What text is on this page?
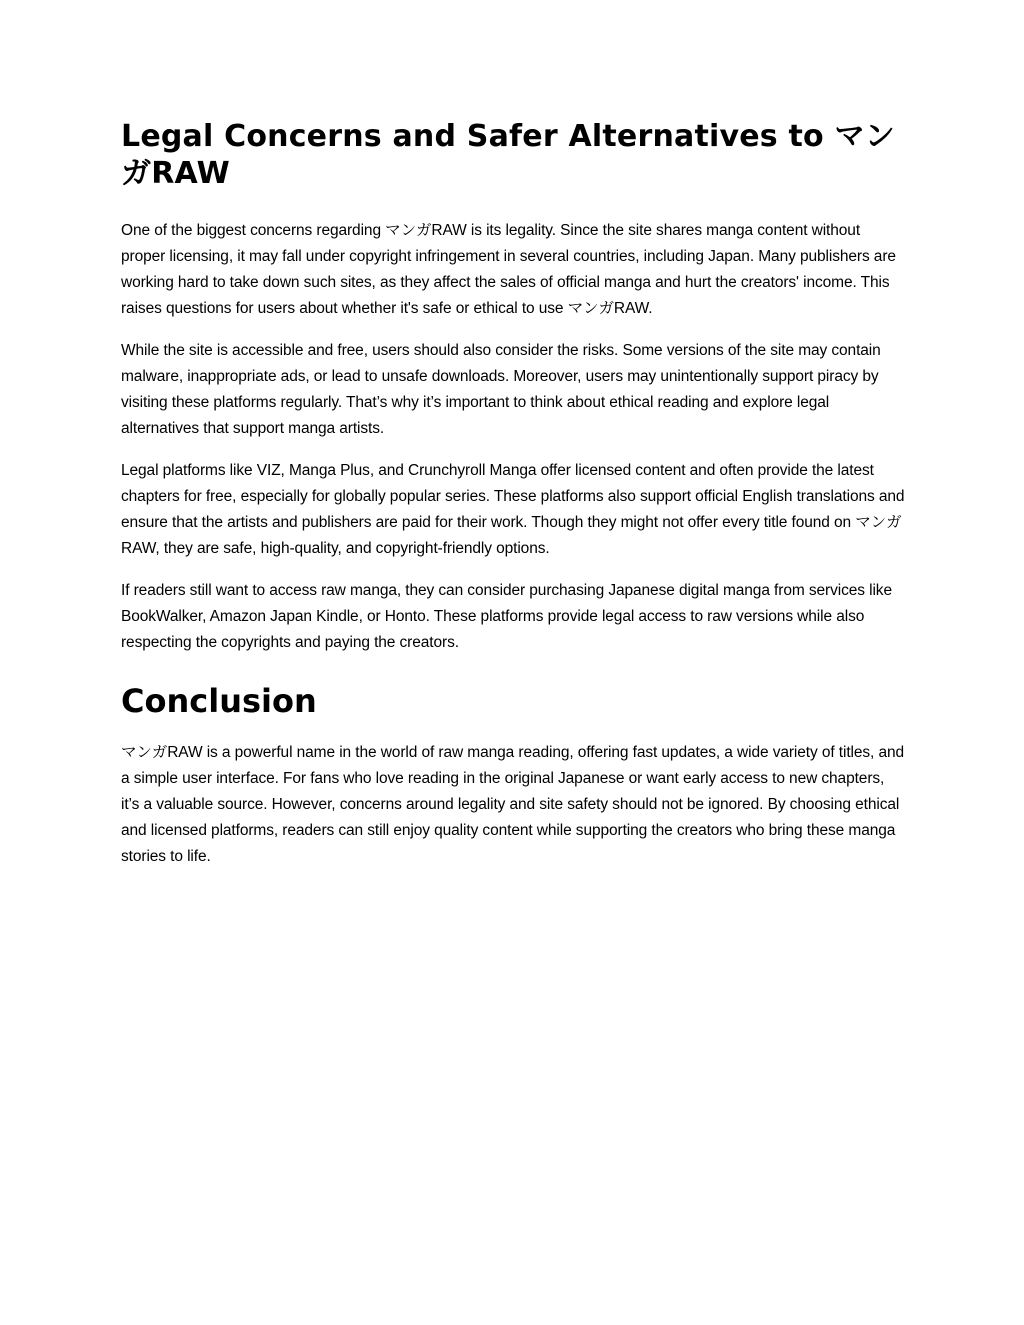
Legal Concerns and Safer Alternatives to マンガRAW

One of the biggest concerns regarding マンガRAW is its legality. Since the site shares manga content without proper licensing, it may fall under copyright infringement in several countries, including Japan. Many publishers are working hard to take down such sites, as they affect the sales of official manga and hurt the creators' income. This raises questions for users about whether it's safe or ethical to use マンガRAW.

While the site is accessible and free, users should also consider the risks. Some versions of the site may contain malware, inappropriate ads, or lead to unsafe downloads. Moreover, users may unintentionally support piracy by visiting these platforms regularly. That’s why it’s important to think about ethical reading and explore legal alternatives that support manga artists.

Legal platforms like VIZ, Manga Plus, and Crunchyroll Manga offer licensed content and often provide the latest chapters for free, especially for globally popular series. These platforms also support official English translations and ensure that the artists and publishers are paid for their work. Though they might not offer every title found on マンガRAW, they are safe, high-quality, and copyright-friendly options.

If readers still want to access raw manga, they can consider purchasing Japanese digital manga from services like BookWalker, Amazon Japan Kindle, or Honto. These platforms provide legal access to raw versions while also respecting the copyrights and paying the creators.

Conclusion

マンガRAW is a powerful name in the world of raw manga reading, offering fast updates, a wide variety of titles, and a simple user interface. For fans who love reading in the original Japanese or want early access to new chapters, it’s a valuable source. However, concerns around legality and site safety should not be ignored. By choosing ethical and licensed platforms, readers can still enjoy quality content while supporting the creators who bring these manga stories to life.
